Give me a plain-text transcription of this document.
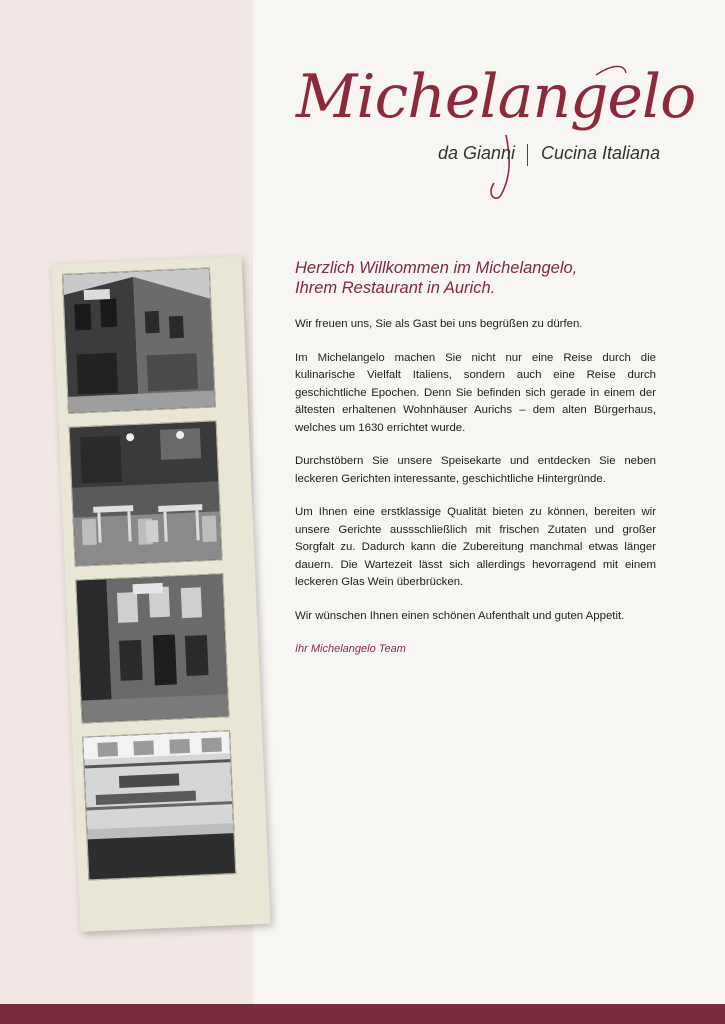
Michelangelo
da Gianni Cucina Italiana
Herzlich Willkommen im Michelangelo,
Ihrem Restaurant in Aurich.

Wir freuen uns, Sie als Gast bei uns begrüßen zu dürfen.

Im Michelangelo machen Sie nicht nur eine Reise durch die kulinarische Vielfalt Italiens, sondern auch eine Reise durch geschichtliche Epochen. Denn Sie befinden sich gerade in einem der ältesten erhaltenen Wohnhäuser Aurichs – dem alten Bürgerhaus, welches um 1630 errichtet wurde.

Durchstöbern Sie unsere Speisekarte und entdecken Sie neben leckeren Gerichten interessante, geschichtliche Hintergründe.

Um Ihnen eine erstklassige Qualität bieten zu können, bereiten wir unsere Gerichte aussschließlich mit frischen Zutaten und großer Sorgfalt zu. Dadurch kann die Zubereitung manchmal etwas länger dauern. Die Wartezeit lässt sich allerdings hevorragend mit einem leckeren Glas Wein überbrücken.

Wir wünschen Ihnen einen schönen Aufenthalt und guten Appetit.

Ihr Michelangelo Team
